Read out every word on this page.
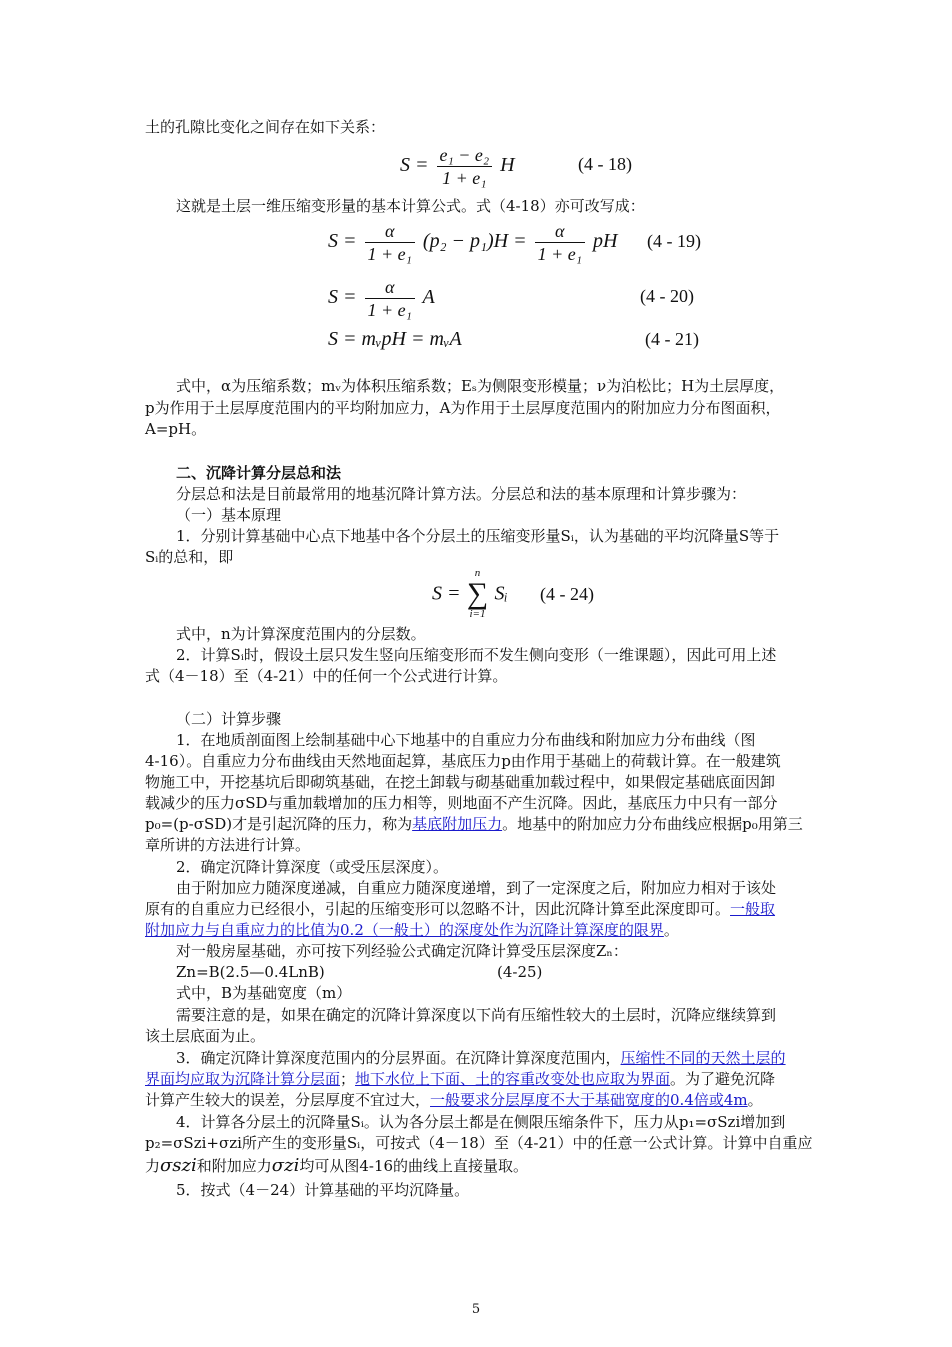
土的孔隙比变化之间存在如下关系：
$S = \frac{\text{e₁ − e₂}}{\text{1 + e₁}}$ H	(4 - 18)
这就是土层一维压缩变形量的基本计算公式。式（4-18）亦可改写成：
$S = \frac{\alpha}{\text{1 + e₁}} (p_2 - p_1)H = \frac{\alpha}{\text{1 + e₁}}$ pH (4 - 19)
$S = \frac{\alpha}{\text{1 + e₁}}$ A	(4 - 20)
S = mᵥpH = mᵥA	(4 - 21)
式中，α为压缩系数；mᵥ为体积压缩系数；Eₛ为侧限变形模量；ν为泊松比；H为土层厚度，
p为作用于土层厚度范围内的平均附加应力，A为作用于土层厚度范围内的附加应力分布图面积，
A=pH。
二、沉降计算分层总和法
分层总和法是目前最常用的地基沉降计算方法。分层总和法的基本原理和计算步骤为：
（一）基本原理
1．分别计算基础中心点下地基中各个分层土的压缩变形量Sᵢ，认为基础的平均沉降量S等于
Sᵢ的总和，即
S =
n
∑
i=1
Sᵢ (4 - 24)
式中，n为计算深度范围内的分层数。
2．计算Sᵢ时，假设土层只发生竖向压缩变形而不发生侧向变形（一维课题），因此可用上述
式（4－18）至（4-21）中的任何一个公式进行计算。
（二）计算步骤
1．在地质剖面图上绘制基础中心下地基中的自重应力分布曲线和附加应力分布曲线（图
4-16）。自重应力分布曲线由天然地面起算，基底压力p由作用于基础上的荷载计算。在一般建筑
物施工中，开挖基坑后即砌筑基础，在挖土卸载与砌基础重加载过程中，如果假定基础底面因卸
载减少的压力σSD与重加载增加的压力相等，则地面不产生沉降。因此，基底压力中只有一部分
p₀=(p-σSD)才是引起沉降的压力，称为基底附加压力。地基中的附加应力分布曲线应根据p₀用第三
章所讲的方法进行计算。
2．确定沉降计算深度（或受压层深度）。
由于附加应力随深度递减，自重应力随深度递增，到了一定深度之后，附加应力相对于该处
原有的自重应力已经很小，引起的压缩变形可以忽略不计，因此沉降计算至此深度即可。一般取
附加应力与自重应力的比值为0.2（一般土）的深度处作为沉降计算深度的限界。
对一般房屋基础，亦可按下列经验公式确定沉降计算受压层深度Zₙ：
Zn=B(2.5—0.4LnB)	(4-25)
式中，B为基础宽度（m）
需要注意的是，如果在确定的沉降计算深度以下尚有压缩性较大的土层时，沉降应继续算到
该土层底面为止。
3．确定沉降计算深度范围内的分层界面。在沉降计算深度范围内，压缩性不同的天然土层的
界面均应取为沉降计算分层面；地下水位上下面、土的容重改变处也应取为界面。为了避免沉降
计算产生较大的误差，分层厚度不宜过大，一般要求分层厚度不大于基础宽度的0.4倍或4m。
4．计算各分层土的沉降量Sᵢ。认为各分层土都是在侧限压缩条件下，压力从p₁=σSzi增加到
p₂=σSzi+σzi所产生的变形量Sᵢ，可按式（4－18）至（4-21）中的任意一公式计算。计算中自重应
力σszi和附加应力σzi均可从图4-16的曲线上直接量取。
5．按式（4－24）计算基础的平均沉降量。
5
